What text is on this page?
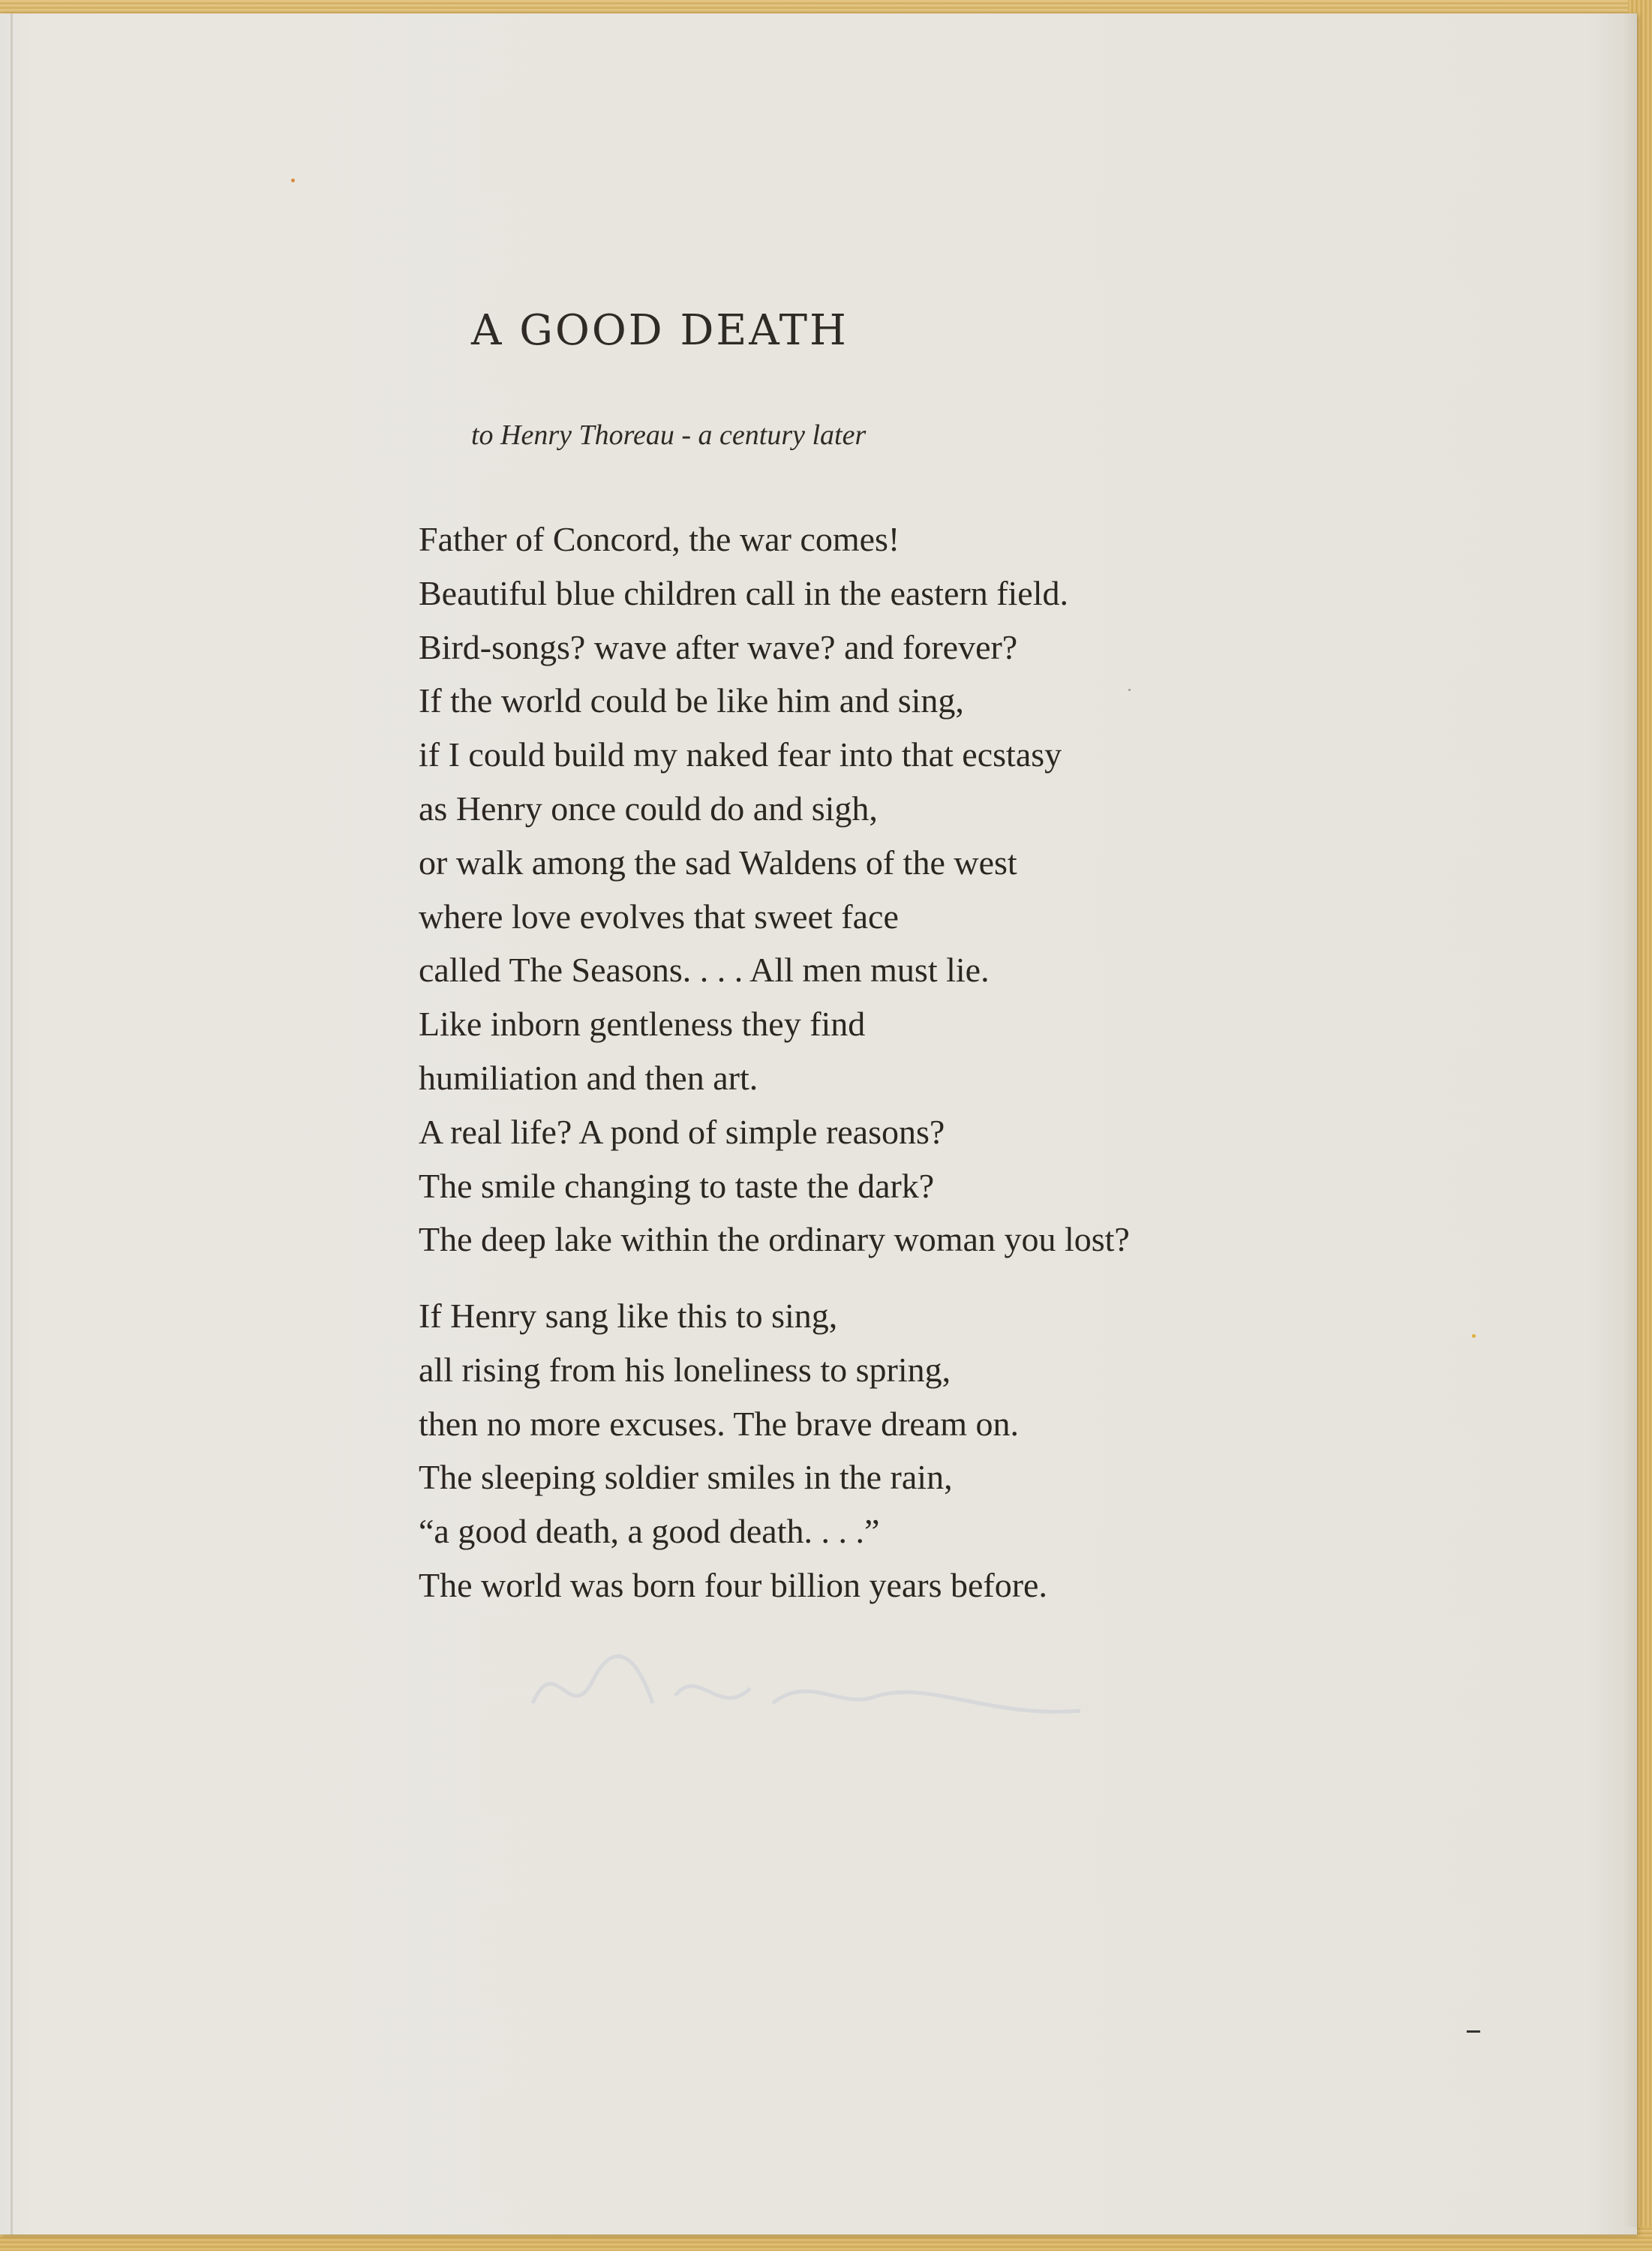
A GOOD DEATH

to Henry Thoreau - a century later

Father of Concord, the war comes!
Beautiful blue children call in the eastern field.
Bird-songs? wave after wave? and forever?
If the world could be like him and sing,
if I could build my naked fear into that ecstasy
as Henry once could do and sigh,
or walk among the sad Waldens of the west
where love evolves that sweet face
called The Seasons. . . . All men must lie.
Like inborn gentleness they find
humiliation and then art.
A real life? A pond of simple reasons?
The smile changing to taste the dark?
The deep lake within the ordinary woman you lost?
If Henry sang like this to sing,
all rising from his loneliness to spring,
then no more excuses. The brave dream on.
The sleeping soldier smiles in the rain,
“a good death, a good death. . . .”
The world was born four billion years before.
